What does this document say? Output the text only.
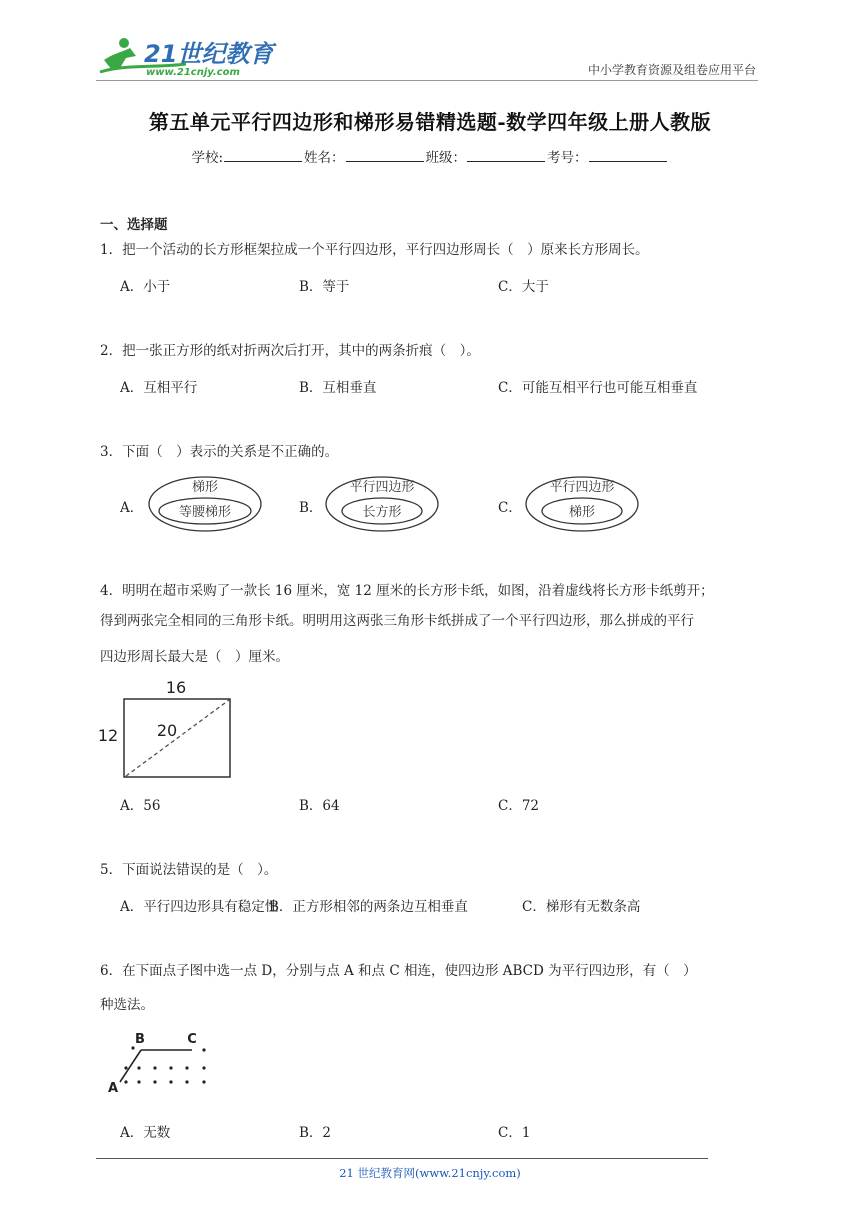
21世纪教育
www.21cnjy.com	中小学教育资源及组卷应用平台
第五单元平行四边形和梯形易错精选题-数学四年级上册人教版
学校:	姓名：	班级：	考号：
一、选择题
1．把一个活动的长方形框架拉成一个平行四边形，平行四边形周长（　）原来长方形周长。
A．小于	B．等于	C．大于
2．把一张正方形的纸对折两次后打开，其中的两条折痕（　）。
A．互相平行	B．互相垂直	C．可能互相平行也可能互相垂直
3．下面（　）表示的关系是不正确的。
A．
梯形
等腰梯形	B．
平行四边形
长方形	C．
平行四边形
梯形
4．明明在超市采购了一款长 16 厘米，宽 12 厘米的长方形卡纸，如图，沿着虚线将长方形卡纸剪开；
得到两张完全相同的三角形卡纸。明明用这两张三角形卡纸拼成了一个平行四边形，那么拼成的平行
四边形周长最大是（　）厘米。
16
12 20
A．56	B．64	C．72
5．下面说法错误的是（　）。
A．平行四边形具有稳定性
B．正方形相邻的两条边互相垂直	C．梯形有无数条高
6．在下面点子图中选一点 D，分别与点 A 和点 C 相连，使四边形 ABCD 为平行四边形，有（　）
种选法。
B	C
A
A．无数	B．2	C．1
21 世纪教育网(www.21cnjy.com)
